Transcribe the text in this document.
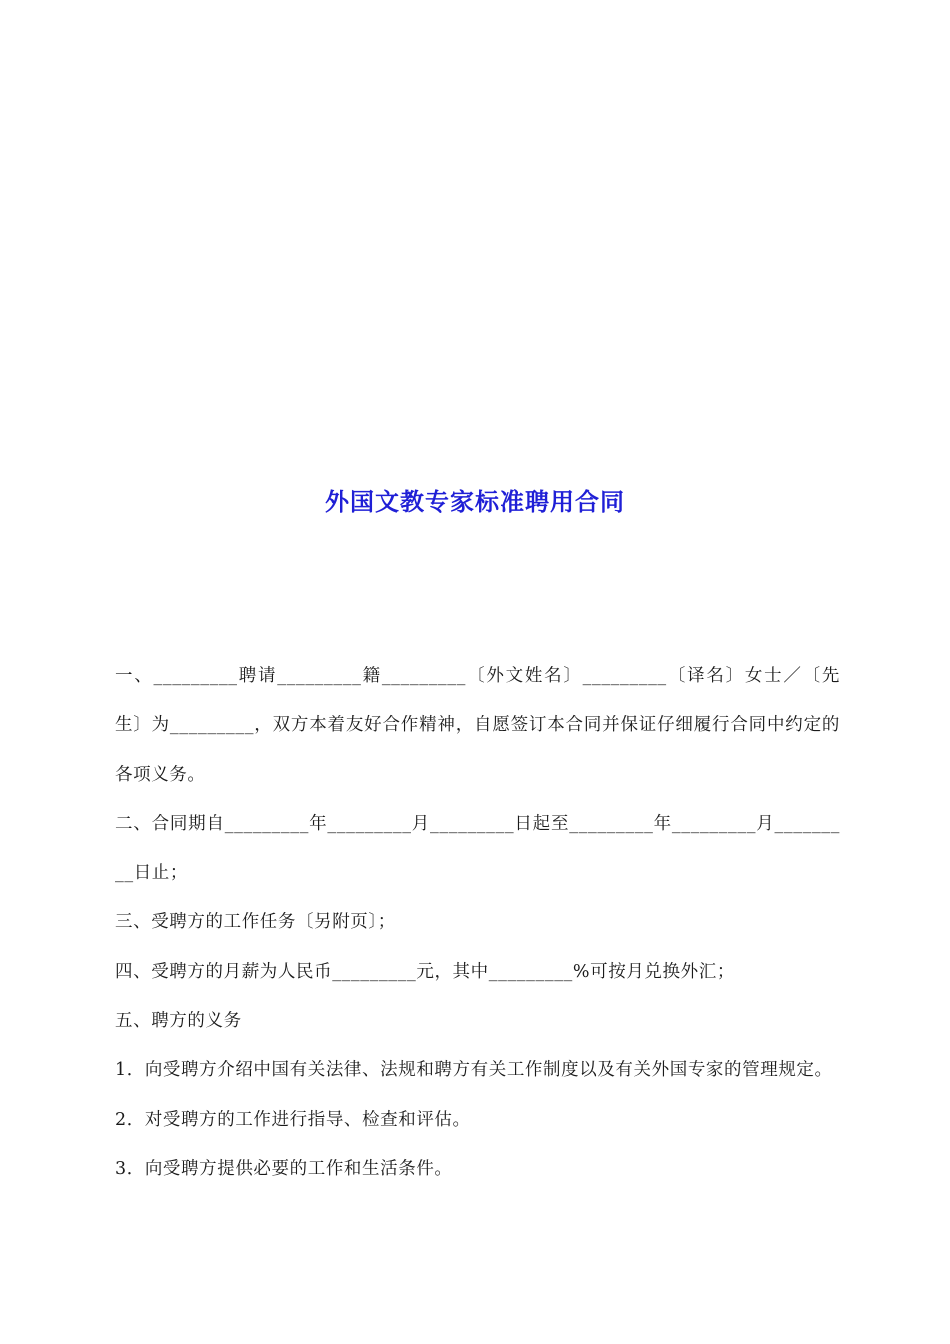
外国文教专家标准聘用合同

一、_________聘请_________籍_________〔外文姓名〕_________〔译名〕女士／〔先生〕为_________，双方本着友好合作精神，自愿签订本合同并保证仔细履行合同中约定的各项义务。

二、合同期自_________年_________月_________日起至_________年_________月_________日止；

三、受聘方的工作任务〔另附页〕；

四、受聘方的月薪为人民币_________元，其中_________%可按月兑换外汇；

五、聘方的义务

1．向受聘方介绍中国有关法律、法规和聘方有关工作制度以及有关外国专家的管理规定。

2．对受聘方的工作进行指导、检查和评估。

3．向受聘方提供必要的工作和生活条件。
